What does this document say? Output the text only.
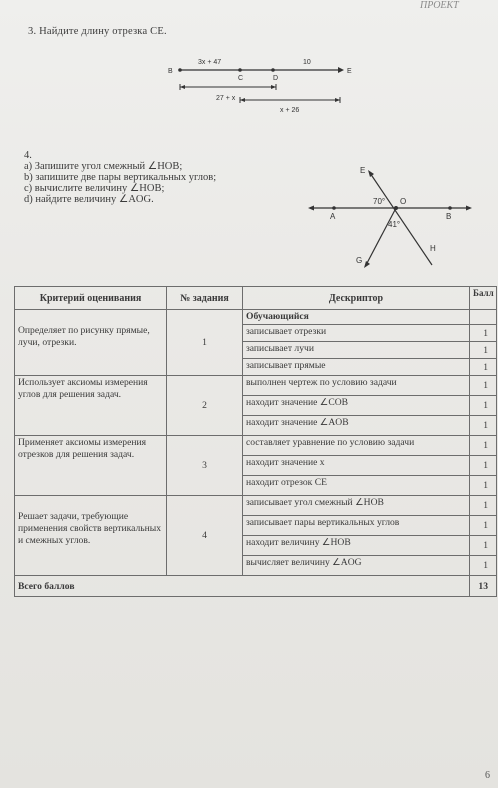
ПРОЕКТ
3. Найдите длину отрезка CE.
B
C	D
E
3x + 47	10
27 + x
x + 26
4.
a) Запишите угол смежный ∠HOB;
b) запишите две пары вертикальных углов;
c) вычислите величину ∠HOB;
d) найдите величину ∠AOG.
E
O
A	B
G
H
70°
41°
Критерий оценивания	№ задания	Дескриптор	Балл

Определяет по рисунку прямые, лучи, отрезки.	1	Обучающийся	
		записывает отрезки	1
		записывает лучи	1
		записывает прямые	1
Использует аксиомы измерения углов для решения задач.	2	выполнен чертеж по условию задачи	1
		находит значение ∠COB	1
		находит значение ∠AOB	1
Применяет аксиомы измерения отрезков для решения задач.	3	составляет уравнение по условию задачи	1
		находит значение x	1
		находит отрезок CE	1

Решает задачи, требующие применения свойств вертикальных и смежных углов.	4	записывает угол смежный ∠HOB	1
		записывает пары вертикальных углов	1
		находит величину ∠HOB	1
		вычисляет величину ∠AOG	1
Всего баллов			13
6
